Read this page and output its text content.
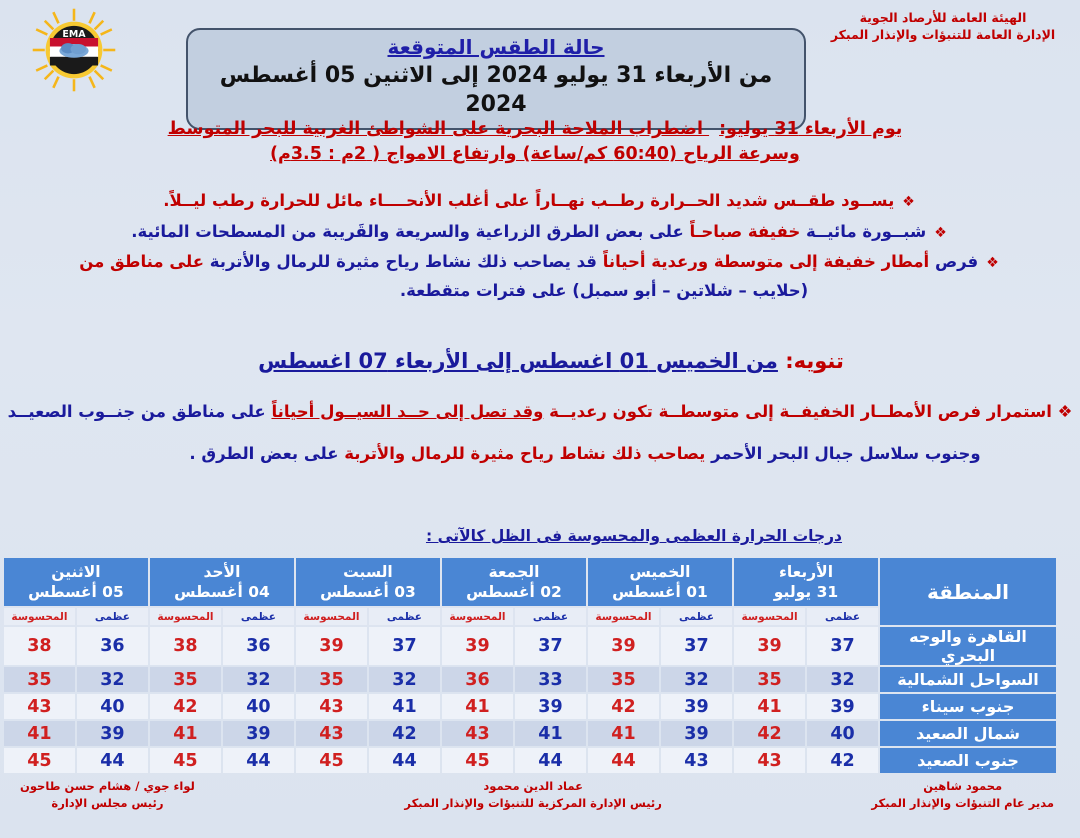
EMA
الهيئة العامة للأرصاد الجوية
الإدارة العامة للتنبؤات والإنذار المبكر
حالة الطقس المتوقعة
من الأربعاء 31 يوليو 2024 إلى الاثنين 05 أغسطس 2024
يوم الأربعاء 31 يوليو: اضطراب الملاحة البحرية على الشواطئ الغربية للبحر المتوسط
وسرعة الرياح (60:40 كم/ساعة) وارتفاع الامواج ( 2م : 3.5م)
❖
يســود طقــس شديد الحــرارة رطــب نهــاراً على أغلب الأنحــــاء مائل للحرارة رطب ليــلاً.
❖
شبــورة مائيــة خفيفة صباحـاً على بعض الطرق الزراعية والسريعة والقَريبة من المسطحات المائية.
❖
فرص أمطار خفيفة إلى متوسطة ورعدية أحياناً قد يصاحب ذلك نشاط رياح مثيرة للرمال والأتربة على مناطق من
(حلايب – شلاتين – أبو سمبل) على فترات متقطعة.
تنويه: من الخميس 01 اغسطس إلى الأربعاء 07 اغسطس
❖ استمرار فرص الأمطــار الخفيفــة إلى متوسطــة تكون رعديــة وقد تصل إلى حــد السيــول أحياناً على مناطق من جنــوب الصعيــد
وجنوب سلاسل جبال البحر الأحمر يصاحب ذلك نشاط رياح مثيرة للرمال والأتربة على بعض الطرق .
درجات الحرارة العظمى والمحسوسة فى الظل كالآتى :
المنطقة	
الأربعاء
31 يوليو

الخميس
01 أغسطس

الجمعة
02 أغسطس

السبت
03 أغسطس

الأحد
04 أغسطس

الاثنين
05 أغسطس

	عظمى	المحسوسة	عظمى	المحسوسة	عظمى	المحسوسة	عظمى	المحسوسة	عظمى	المحسوسة	عظمى	المحسوسة
القاهرة والوجه البحري	37	39	37	39	37	39	37	39	36	38	36	38
السواحل الشمالية	32	35	32	35	33	36	32	35	32	35	32	35
جنوب سيناء	39	41	39	42	39	41	41	43	40	42	40	43
شمال الصعيد	40	42	39	41	41	43	42	43	39	41	39	41
جنوب الصعيد	42	43	43	44	44	45	44	45	44	45	44	45
محمود شاهين
مدير عام التنبؤات والإنذار المبكر
عماد الدين محمود
رئيس الإدارة المركزية للتنبؤات والإنذار المبكر
لواء جوي / هشام حسن طاحون
رئيس مجلس الإدارة
